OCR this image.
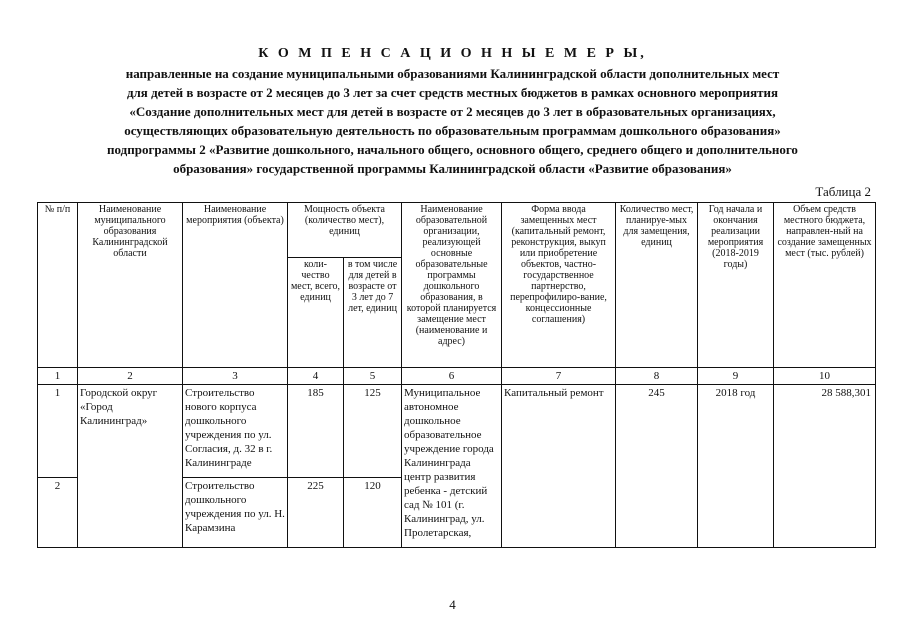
К О М П Е Н С А Ц И О Н Н Ы Е М Е Р Ы,
направленные на создание муниципальными образованиями Калининградской области дополнительных мест
для детей в возрасте от 2 месяцев до 3 лет за счет средств местных бюджетов в рамках основного мероприятия
«Создание дополнительных мест для детей в возрасте от 2 месяцев до 3 лет в образовательных организациях,
осуществляющих образовательную деятельность по образовательным программам дошкольного образования»
подпрограммы 2 «Развитие дошкольного, начального общего, основного общего, среднего общего и дополнительного
образования» государственной программы Калининградской области «Развитие образования»
Таблица 2
№ п/п	Наименование муниципального образования Калининградской области	Наименование мероприятия (объекта)	Мощность объекта (количество мест), единиц		Наименование образовательной организации, реализующей основные образовательные программы дошкольного образования, в которой планируется замещение мест (наименование и адрес)	Форма ввода замещенных мест (капитальный ремонт, реконструкция, выкуп или приобретение объектов, частно-государственное партнерство, перепрофилиро-вание, концессионные соглашения)	Количество мест, планируе-мых для замещения, единиц	Год начала и окончания реализации мероприятия (2018-2019 годы)	Объем средств местного бюджета, направлен-ный на создание замещенных мест (тыс. рублей)
			коли-чество мест, всего, единиц	в том числе для детей в возрасте от 3 лет до 7 лет, единиц					
1	2	3	4	5	6	7	8	9	10
1	Городской округ «Город Калининград»	Строительство нового корпуса дошкольного учреждения по ул. Согласия, д. 32 в г. Калининграде	185	125	Муниципальное автономное дошкольное образовательное учреждение города Калининграда центр развития ребенка - детский сад № 101 (г. Калининград, ул. Пролетарская,	Капитальный ремонт	245	2018 год	28 588,301
2		Строительство дошкольного учреждения по ул. Н. Карамзина	225	120					
4
